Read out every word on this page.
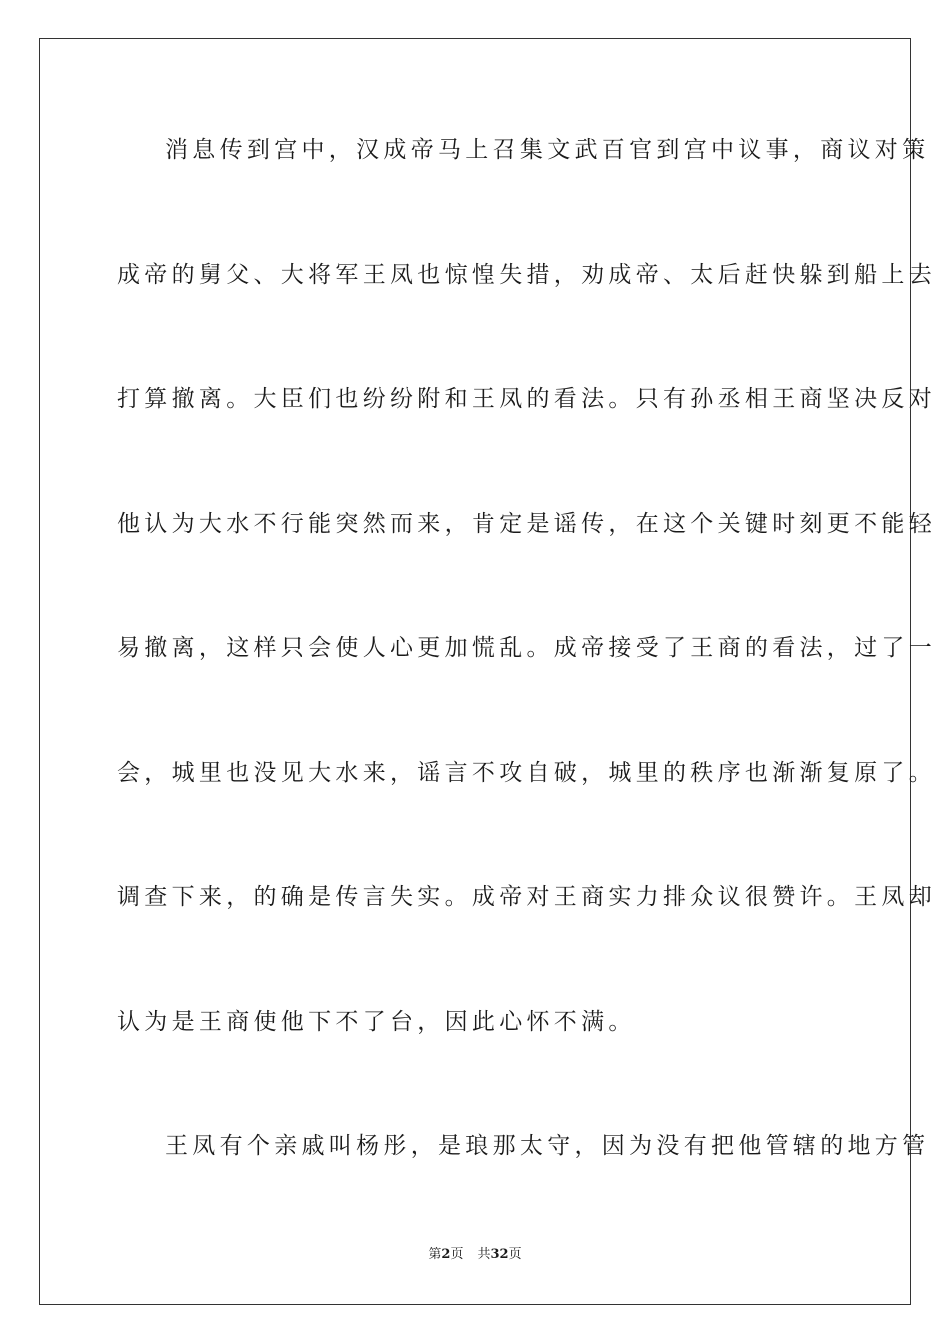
消息传到宫中，汉成帝马上召集文武百官到宫中议事，商议对策
成帝的舅父、大将军王凤也惊惶失措，劝成帝、太后赶快躲到船上去
打算撤离。大臣们也纷纷附和王凤的看法。只有孙丞相王商坚决反对
他认为大水不行能突然而来，肯定是谣传，在这个关键时刻更不能轻
易撤离，这样只会使人心更加慌乱。成帝接受了王商的看法，过了一
会，城里也没见大水来，谣言不攻自破，城里的秩序也渐渐复原了。
调查下来，的确是传言失实。成帝对王商实力排众议很赞许。王凤却
认为是王商使他下不了台，因此心怀不满。
王凤有个亲戚叫杨彤，是琅那太守，因为没有把他管辖的地方管
第2页 共32页
